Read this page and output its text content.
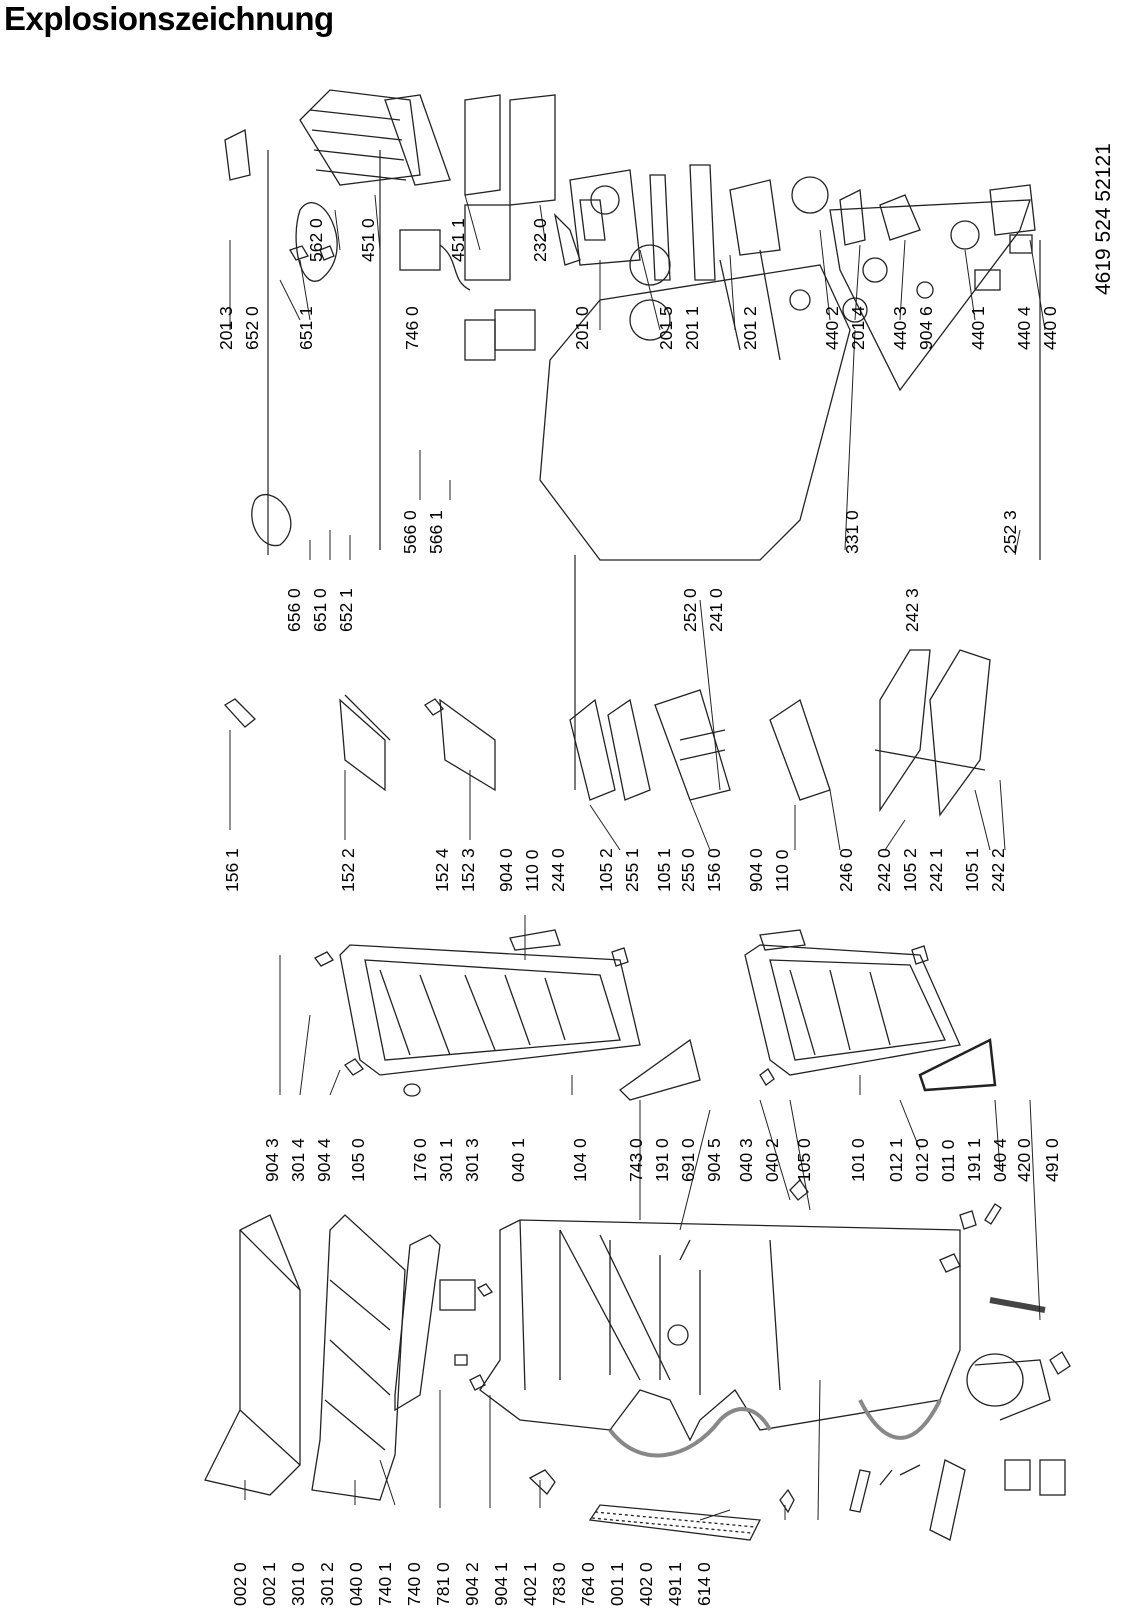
Explosionszeichnung
002 0 002 1 301 0 301 2 040 0 740 1 740 0 781 0 904 2 904 1 402 1 783 0 764 0 001 1 402 0 491 1 614 0
904 3 301 4 904 4 105 0 176 0 301 1 301 3 040 1 104 0 743 0 191 0 691 0 904 5 040 3 040 2 105 0 101 0 012 1 012 0 011 0 191 1 040 4 420 0 491 0
156 1	152 2	152 4 152 3 904 0 110 0 244 0 105 2 255 1 105 1 255 0 156 0 904 0 110 0	246 0 242 0 105 2 242 1 105 1 242 2
656 0 651 0 652 1
566 0 566 1
252 0 241 0
331 0	252 3
242 3
201 3 652 0 651 1	746 0	201 0	201 5 201 1 201 2	440 2 201 4 440 3 904 6 440 1 440 4 440 0
562 0 451 0	451 1	232 0	4619 524 52121
